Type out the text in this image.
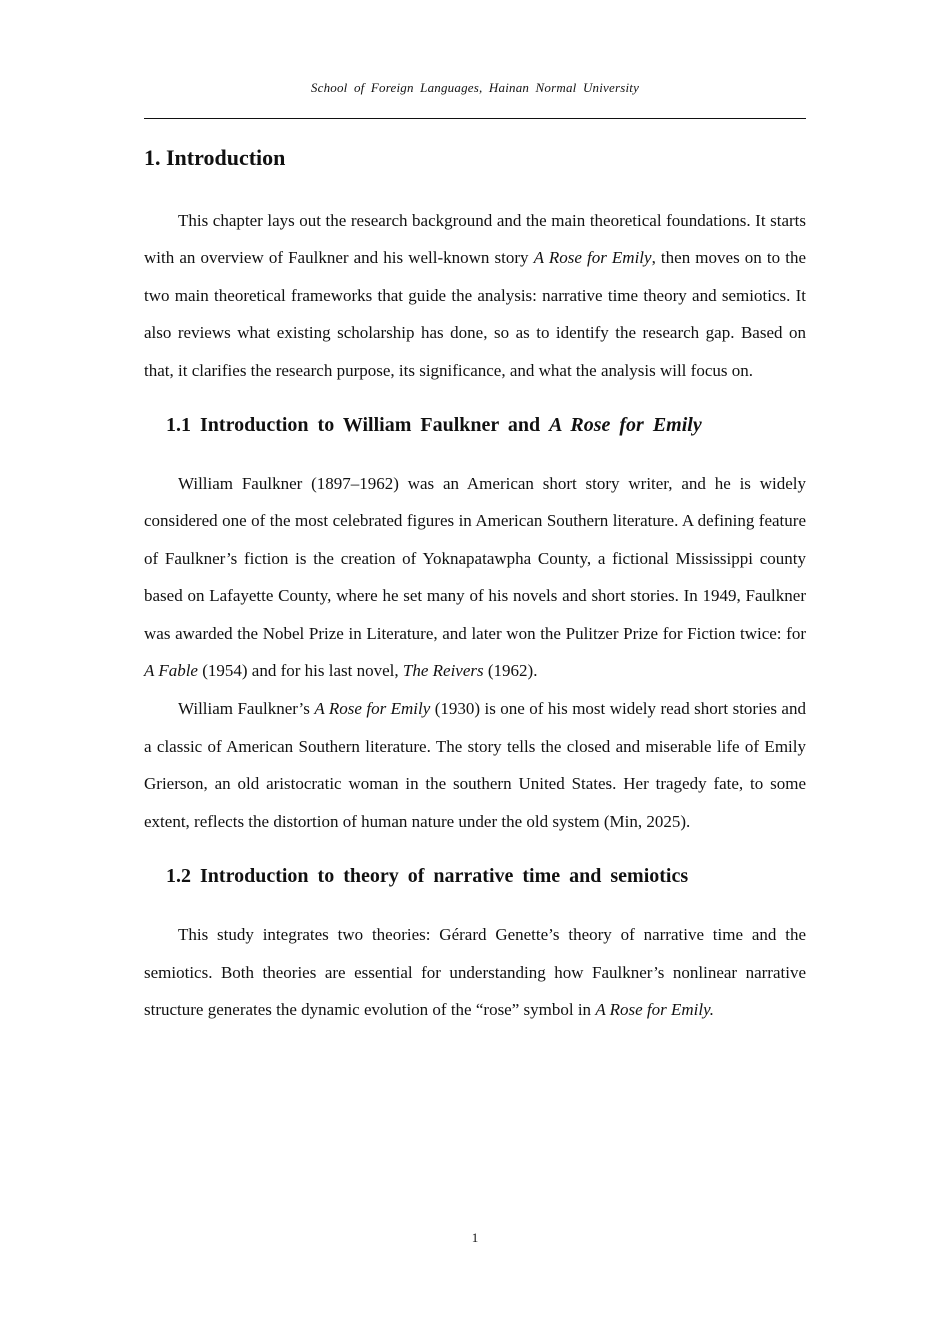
School of Foreign Languages, Hainan Normal University
1. Introduction

This chapter lays out the research background and the main theoretical foundations. It starts with an overview of Faulkner and his well-known story A Rose for Emily, then moves on to the two main theoretical frameworks that guide the analysis: narrative time theory and semiotics. It also reviews what existing scholarship has done, so as to identify the research gap. Based on that, it clarifies the research purpose, its significance, and what the analysis will focus on.

1.1 Introduction to William Faulkner and A Rose for Emily

William Faulkner (1897–1962) was an American short story writer, and he is widely considered one of the most celebrated figures in American Southern literature. A defining feature of Faulkner’s fiction is the creation of Yoknapatawpha County, a fictional Mississippi county based on Lafayette County, where he set many of his novels and short stories. In 1949, Faulkner was awarded the Nobel Prize in Literature, and later won the Pulitzer Prize for Fiction twice: for A Fable (1954) and for his last novel, The Reivers (1962).

William Faulkner’s A Rose for Emily (1930) is one of his most widely read short stories and a classic of American Southern literature. The story tells the closed and miserable life of Emily Grierson, an old aristocratic woman in the southern United States. Her tragedy fate, to some extent, reflects the distortion of human nature under the old system (Min, 2025).

1.2 Introduction to theory of narrative time and semiotics

This study integrates two theories: Gérard Genette’s theory of narrative time and the semiotics. Both theories are essential for understanding how Faulkner’s nonlinear narrative structure generates the dynamic evolution of the “rose” symbol in A Rose for Emily.

1
